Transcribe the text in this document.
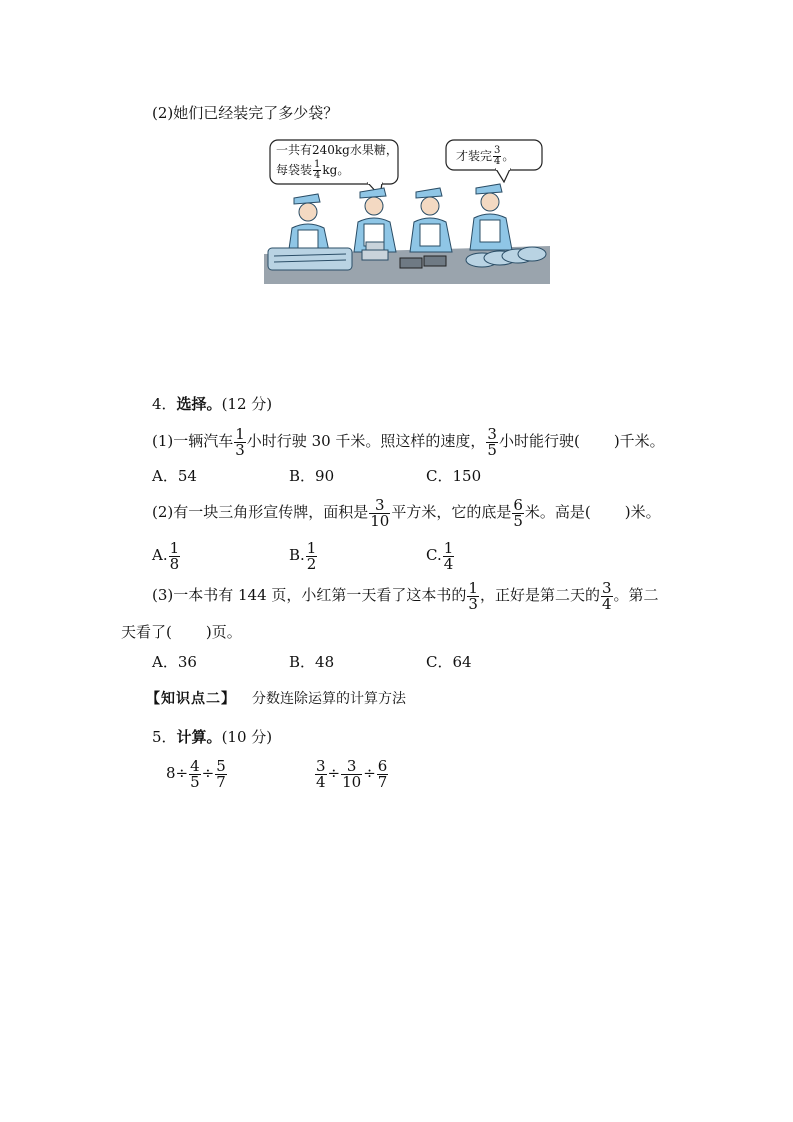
(2)她们已经装完了多少袋？
一共有240kg水果糖，
每袋装 $\frac{1}{4}$ kg。
才装完 $\frac{3}{4}$ 。
4．选择。(12 分)
(1)一辆汽车 $\frac{1}{3}$ 小时行驶 30 千米。照这样的速度， $\frac{3}{5}$ 小时能行驶( )千米。
A．54	B．90	C．150
(2)有一块三角形宣传牌，面积是 $\frac{3}{10}$ 平方米，它的底是 $\frac{6}{5}$ 米。高是( )米。
A. $\frac{1}{8}$	B. $\frac{1}{2}$	C. $\frac{1}{4}$
(3)一本书有 144 页，小红第一天看了这本书的 $\frac{1}{3}$ ，正好是第二天的 $\frac{3}{4}$ 。第二
天看了( )页。
A．36	B．48	C．64
【知识点二】 分数连除运算的计算方法
5．计算。(10 分)
$8\div \frac{4}{5} \div \frac{5}{7}$	$\frac{3}{4} \div \frac{3}{10} \div \frac{6}{7}$
